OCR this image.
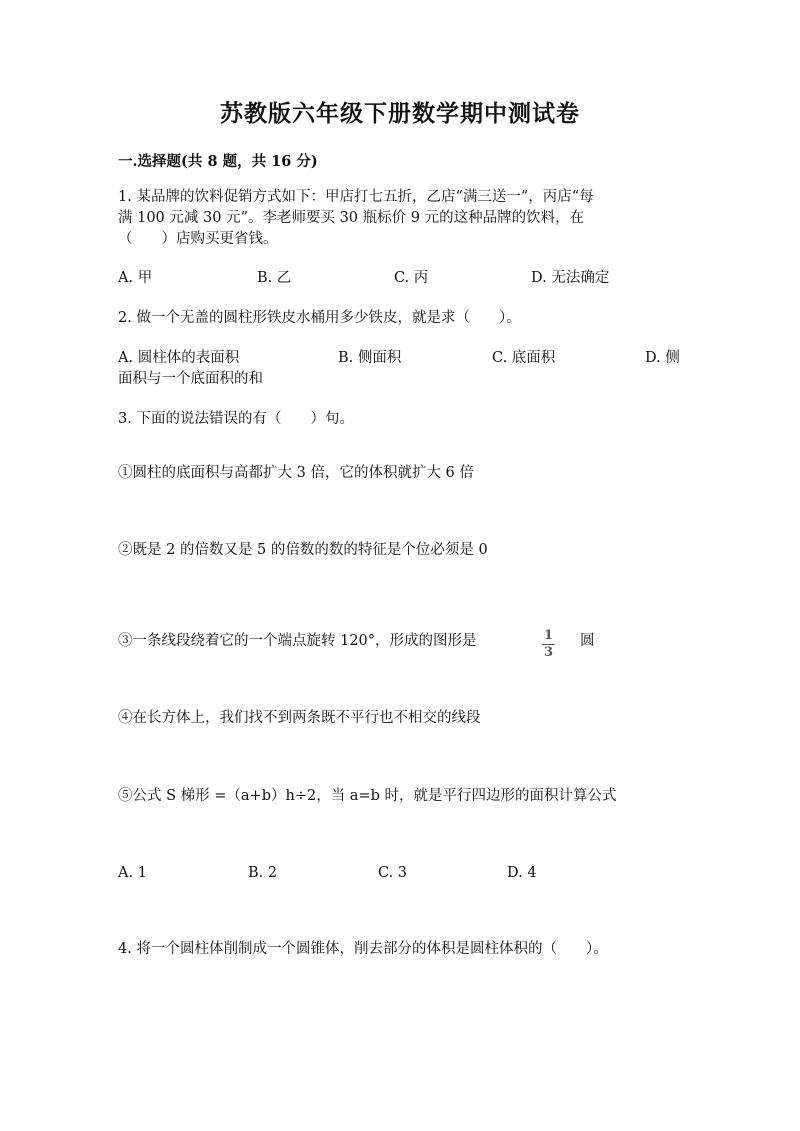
苏教版六年级下册数学期中测试卷
一.选择题(共 8 题，共 16 分)
1. 某品牌的饮料促销方式如下：甲店打七五折，乙店“满三送一”，丙店“每
满 100 元减 30 元”。李老师要买 30 瓶标价 9 元的这种品牌的饮料，在
（　　）店购买更省钱。
A. 甲	B. 乙	C. 丙	D. 无法确定
2. 做一个无盖的圆柱形铁皮水桶用多少铁皮，就是求（　　）。
A. 圆柱体的表面积	B. 侧面积	C. 底面积	D. 侧
面积与一个底面积的和
3. 下面的说法错误的有（　　）句。
①圆柱的底面积与高都扩大 3 倍，它的体积就扩大 6 倍
②既是 2 的倍数又是 5 的倍数的数的特征是个位必须是 0
③一条线段绕着它的一个端点旋转 120°，形成的图形是	$\frac{1}{3}$ 圆
④在长方体上，我们找不到两条既不平行也不相交的线段
⑤公式 S 梯形 =（a+b）h÷2，当 a=b 时，就是平行四边形的面积计算公式
A. 1	B. 2	C. 3	D. 4
4. 将一个圆柱体削制成一个圆锥体，削去部分的体积是圆柱体积的（　　）。
